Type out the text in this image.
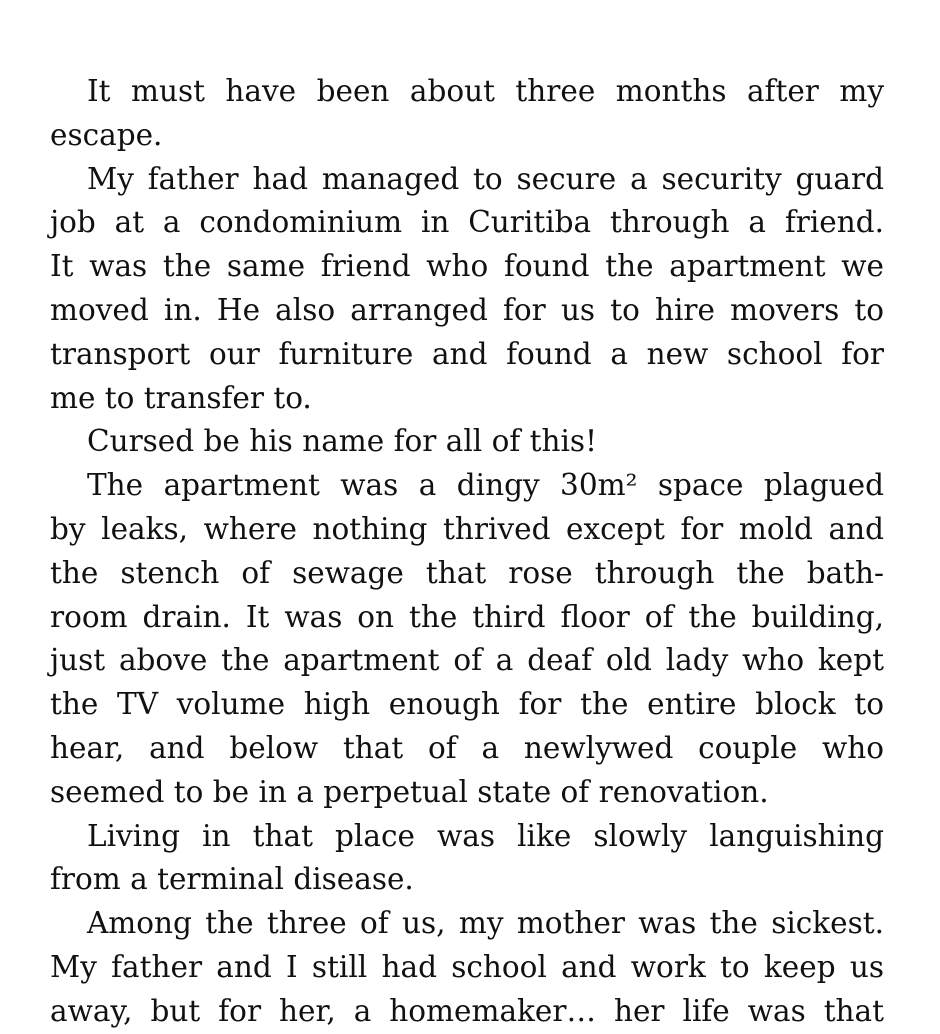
It must have been about three months after my
escape.
My father had managed to secure a security guard
job at a condominium in Curitiba through a friend.
It was the same friend who found the apartment we
moved in. He also arranged for us to hire movers to
transport our furniture and found a new school for
me to transfer to.
Cursed be his name for all of this!
The apartment was a dingy 30m² space plagued
by leaks, where nothing thrived except for mold and
the stench of sewage that rose through the bath-
room drain. It was on the third floor of the building,
just above the apartment of a deaf old lady who kept
the TV volume high enough for the entire block to
hear, and below that of a newlywed couple who
seemed to be in a perpetual state of renovation.
Living in that place was like slowly languishing
from a terminal disease.
Among the three of us, my mother was the sickest.
My father and I still had school and work to keep us
away, but for her, a homemaker… her life was that
